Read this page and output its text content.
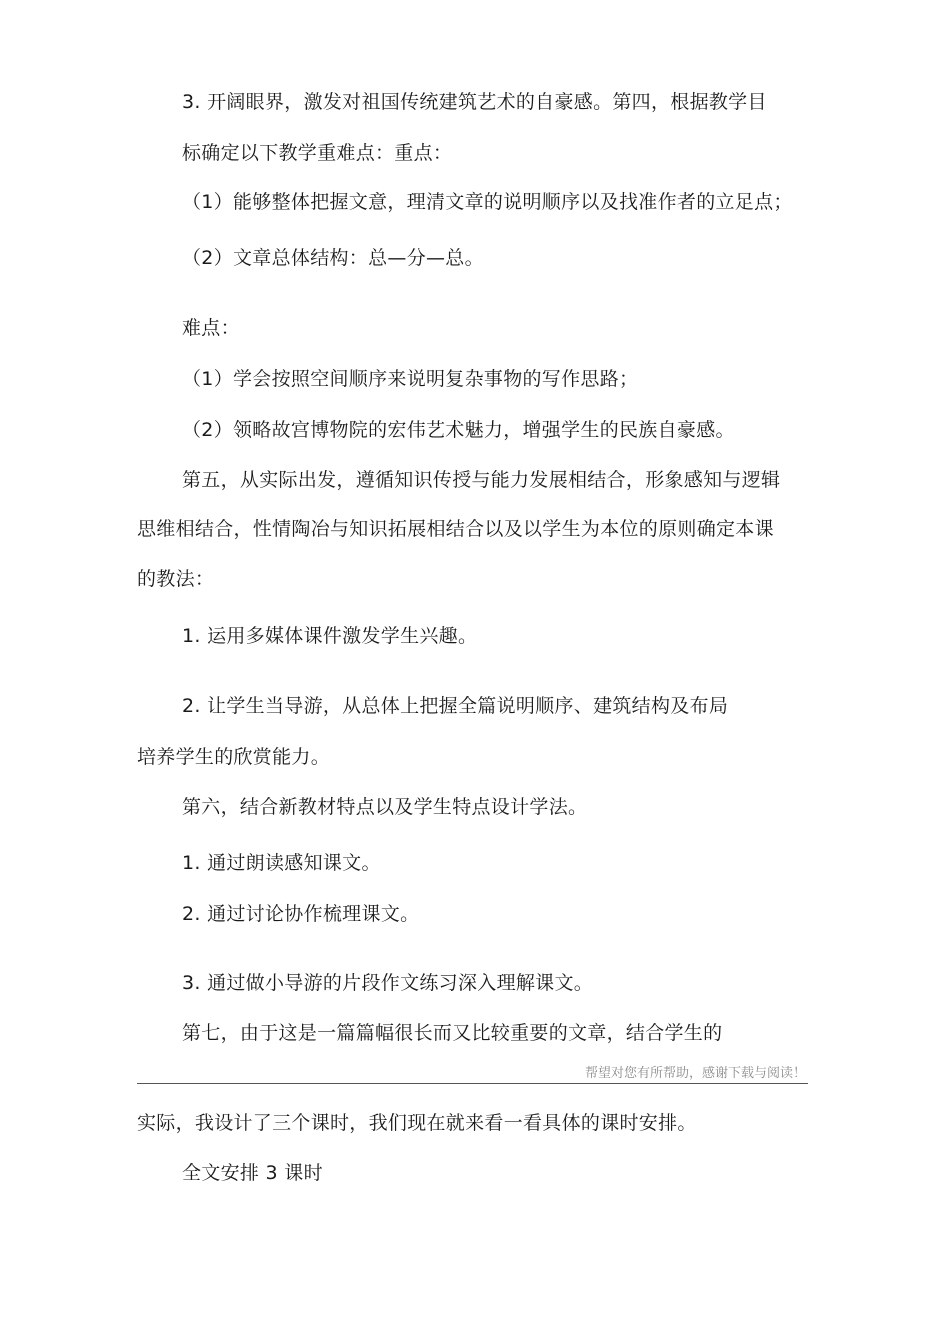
3. 开阔眼界，激发对祖国传统建筑艺术的自豪感。第四，根据教学目
标确定以下教学重难点：重点：
（1）能够整体把握文意，理清文章的说明顺序以及找准作者的立足点；
（2）文章总体结构：总—分—总。
难点：
（1）学会按照空间顺序来说明复杂事物的写作思路；
（2）领略故宫博物院的宏伟艺术魅力，增强学生的民族自豪感。
第五，从实际出发，遵循知识传授与能力发展相结合，形象感知与逻辑
思维相结合，性情陶冶与知识拓展相结合以及以学生为本位的原则确定本课
的教法：
1. 运用多媒体课件激发学生兴趣。
2. 让学生当导游，从总体上把握全篇说明顺序、建筑结构及布局
培养学生的欣赏能力。
第六，结合新教材特点以及学生特点设计学法。
1. 通过朗读感知课文。
2. 通过讨论协作梳理课文。
3. 通过做小导游的片段作文练习深入理解课文。
第七，由于这是一篇篇幅很长而又比较重要的文章，结合学生的
帮望对您有所帮助，感谢下载与阅读！
实际，我设计了三个课时，我们现在就来看一看具体的课时安排。
全文安排 3 课时
